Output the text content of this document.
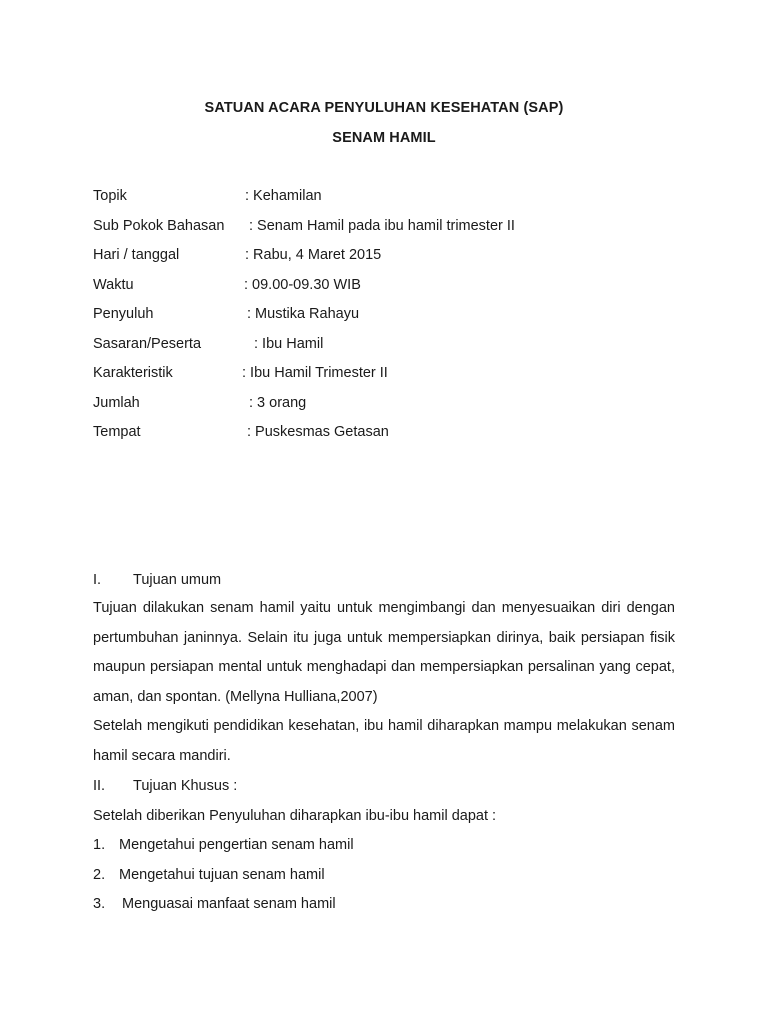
SATUAN ACARA PENYULUHAN KESEHATAN (SAP)
SENAM HAMIL
Topik	: Kehamilan
Sub Pokok Bahasan : Senam Hamil pada ibu hamil trimester II
Hari / tanggal	: Rabu, 4 Maret 2015
Waktu	: 09.00-09.30 WIB
Penyuluh	: Mustika Rahayu
Sasaran/Peserta	: Ibu Hamil
Karakteristik	: Ibu Hamil Trimester II
Jumlah	: 3 orang
Tempat	: Puskesmas Getasan
I. Tujuan umum
Tujuan dilakukan senam hamil yaitu untuk mengimbangi dan menyesuaikan diri dengan pertumbuhan janinnya. Selain itu juga untuk mempersiapkan dirinya, baik persiapan fisik maupun persiapan mental untuk menghadapi dan mempersiapkan persalinan yang cepat, aman, dan spontan. (Mellyna Hulliana,2007)
Setelah mengikuti pendidikan kesehatan, ibu hamil diharapkan mampu melakukan senam hamil secara mandiri.
II. Tujuan Khusus :
Setelah diberikan Penyuluhan diharapkan ibu-ibu hamil dapat :
1. Mengetahui pengertian senam hamil
2. Mengetahui tujuan senam hamil
3. Menguasai manfaat senam hamil
